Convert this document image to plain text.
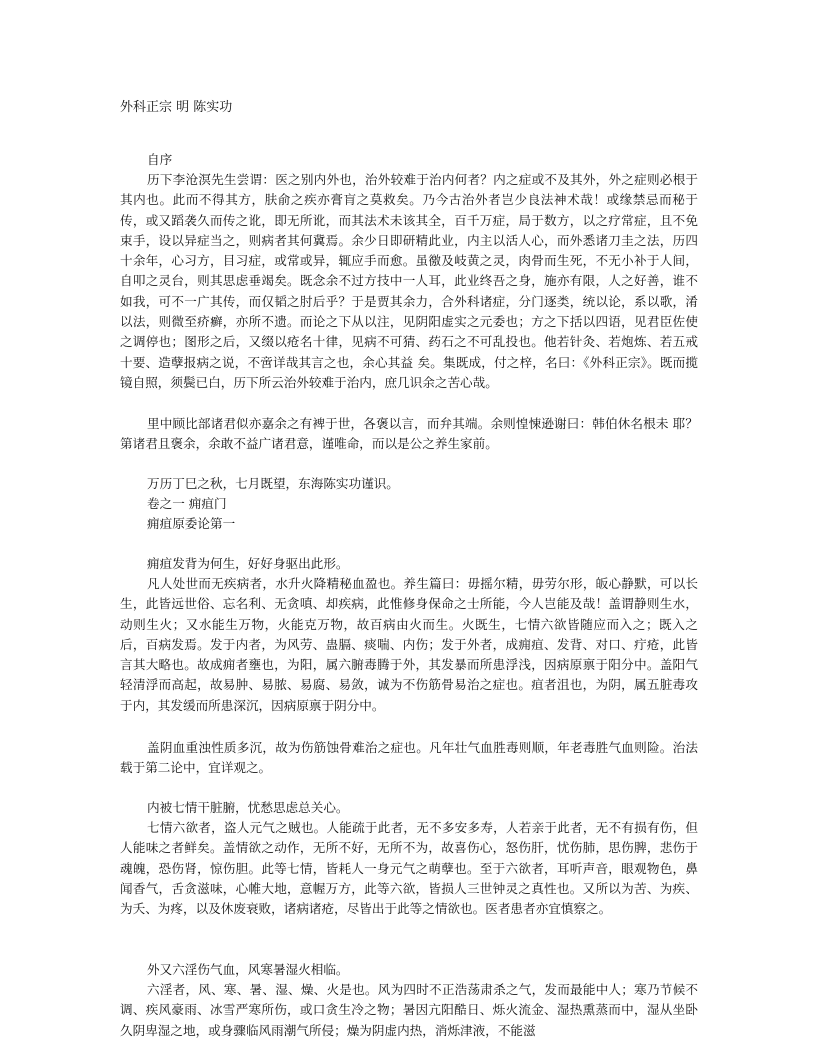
外科正宗 明 陈实功
自序
历下李沧溟先生尝谓：医之别内外也，治外较难于治内何者？内之症或不及其外，外之症则必根于其内也。此而不得其方，肤俞之疾亦膏肓之莫救矣。乃今古治外者岂少良法神术哉！或缘禁忌而秘于传，或又蹈袭久而传之讹，即无所讹，而其法术未该其全，百千万症，局于数方，以之疗常症，且不免束手，设以异症当之，则病者其何冀焉。余少日即研精此业，内主以活人心，而外悉诸刀圭之法，历四十余年，心习方，目习症，或常或异，辄应手而愈。虽徼及岐黄之灵，肉骨而生死，不无小补于人间，自叩之灵台，则其思虑垂竭矣。既念余不过方技中一人耳，此业终吾之身，施亦有限，人之好善，谁不如我，可不一广其传，而仅韬之肘后乎？于是贾其余力，合外科诸症，分门逐类，统以论，系以歌，淆以法，则微至疥癣，亦所不遗。而论之下从以注，见阴阳虚实之元委也；方之下括以四语，见君臣佐使之调停也；图形之后，又缀以疮名十律，见病不可猜、药石之不可乱投也。他若针灸、若炮炼、若五戒十要、造孽报病之说，不啻详哉其言之也，余心其益 矣。集既成，付之梓，名曰：《外科正宗》。既而揽镜自照，须鬓已白，历下所云治外较难于治内，庶几识余之苦心哉。
里中顾比部诸君似亦嘉余之有裨于世，各褒以言，而弁其端。余则惶悚逊谢曰：韩伯休名根未 耶？第诸君且褒余，余敢不益广诸君意，谨唯命，而以是公之养生家前。
万历丁巳之秋，七月既望，东海陈实功谨识。
卷之一 痈疽门
痈疽原委论第一
痈疽发背为何生，好好身驱出此形。
凡人处世而无疾病者，水升火降精秘血盈也。养生篇曰：毋摇尔精，毋劳尔形，皈心静默，可以长生，此皆远世俗、忘名利、无贪嗔、却疾病，此惟修身保命之士所能，今人岂能及哉！盖谓静则生水，动则生火；又水能生万物，火能克万物，故百病由火而生。火既生，七情六欲皆随应而入之；既入之后，百病发焉。发于内者，为风劳、蛊膈、痰喘、内伤；发于外者，成痈疽、发背、对口、疔疮，此皆言其大略也。故成痈者壅也，为阳，属六腑毒腾于外，其发暴而所患浮浅，因病原禀于阳分中。盖阳气轻清浮而高起，故易肿、易脓、易腐、易敛，诚为不伤筋骨易治之症也。疽者沮也，为阴，属五脏毒攻于内，其发缓而所患深沉，因病原禀于阴分中。
盖阴血重浊性质多沉，故为伤筋蚀骨难治之症也。凡年壮气血胜毒则顺，年老毒胜气血则险。治法载于第二论中，宜详观之。
内被七情干脏腑，忧愁思虑总关心。
七情六欲者，盗人元气之贼也。人能疏于此者，无不多安多寿，人若亲于此者，无不有损有伤，但人能味之者鲜矣。盖情欲之动作，无所不好，无所不为，故喜伤心，怒伤肝，忧伤肺，思伤脾，悲伤于魂魄，恐伤肾，惊伤胆。此等七情，皆耗人一身元气之萌孽也。至于六欲者，耳听声音，眼观物色，鼻闻香气，舌贪滋味，心帷大地，意幄万方，此等六欲，皆损人三世钟灵之真性也。又所以为苦、为疾、为夭、为疼，以及休废衰败，诸病诸疮，尽皆出于此等之情欲也。医者患者亦宜慎察之。
外又六淫伤气血，风寒暑湿火相临。
六淫者，风、寒、暑、湿、燥、火是也。风为四时不正浩荡肃杀之气，发而最能中人；寒乃节候不调、疾风豪雨、冰雪严寒所伤，或口贪生冷之物；暑因亢阳酷日、烁火流金、湿热熏蒸而中，湿从坐卧久阴卑湿之地，或身骤临风雨潮气所侵；燥为阴虚内热，消烁津液，不能滋
